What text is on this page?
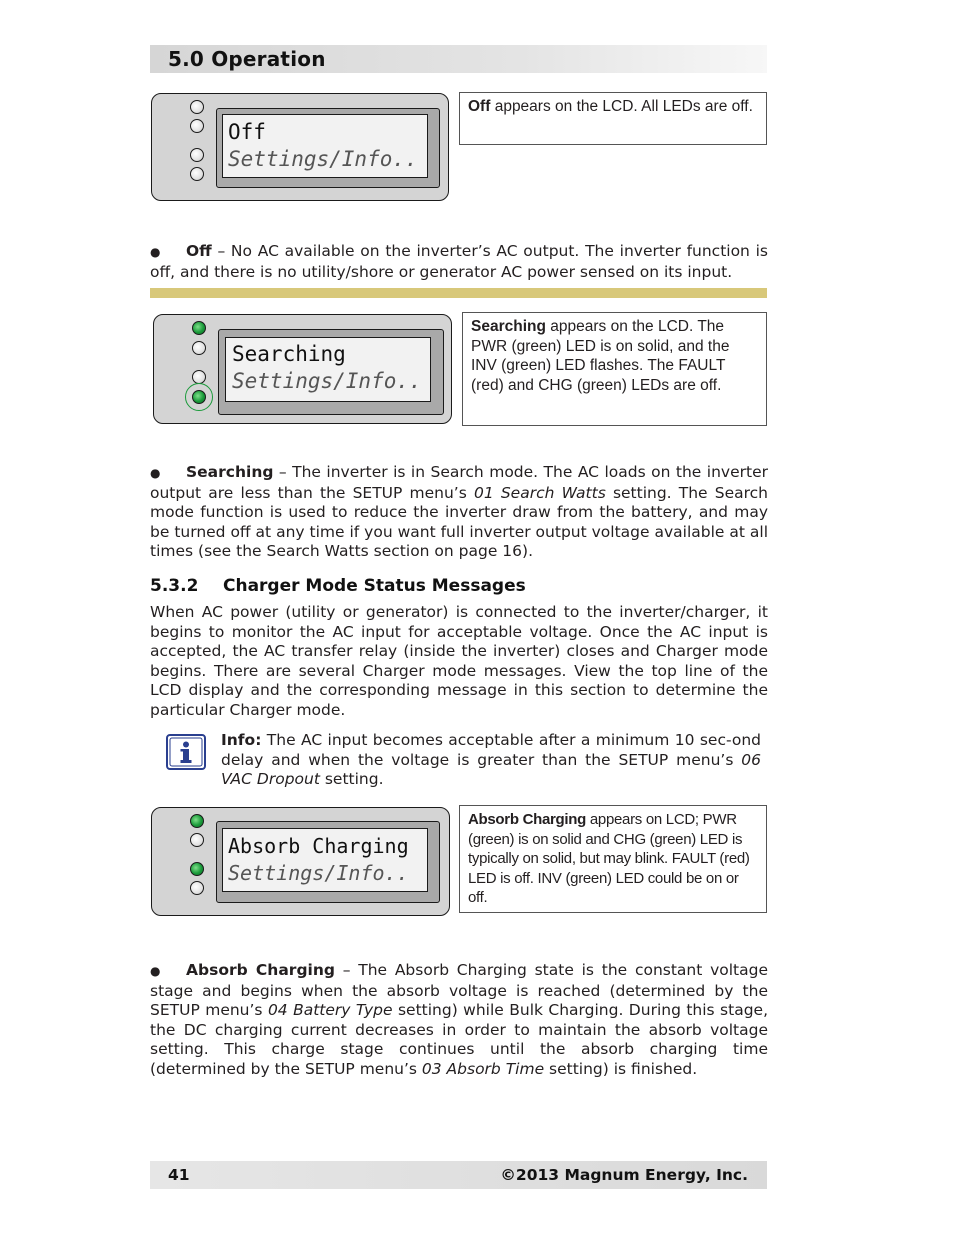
5.0 Operation
Off
Settings/Info..
Off appears on the LCD. All LEDs are off.
● Off – No AC available on the inverter’s AC output. The inverter function is off, and there is no utility/shore or generator AC power sensed on its input.
Searching
Settings/Info..
Searching appears on the LCD. The PWR (green) LED is on solid, and the INV (green) LED flashes. The FAULT (red) and CHG (green) LEDs are off.
● Searching – The inverter is in Search mode. The AC loads on the inverter output are less than the SETUP menu’s 01 Search Watts setting. The Search mode function is used to reduce the inverter draw from the battery, and may be turned off at any time if you want full inverter output voltage available at all times (see the Search Watts section on page 16).
5.3.2 Charger Mode Status Messages
When AC power (utility or generator) is connected to the inverter/charger, it begins to monitor the AC input for acceptable voltage. Once the AC input is accepted, the AC transfer relay (inside the inverter) closes and Charger mode begins. There are several Charger mode messages. View the top line of the LCD display and the corresponding message in this section to determine the particular Charger mode.
Info: The AC input becomes acceptable after a minimum 10 sec-ond delay and when the voltage is greater than the SETUP menu’s 06 VAC Dropout setting.
Absorb Charging
Settings/Info..
Absorb Charging appears on LCD; PWR (green) is on solid and CHG (green) LED is typically on solid, but may blink. FAULT (red) LED is off. INV (green) LED could be on or off.
● Absorb Charging – The Absorb Charging state is the constant voltage stage and begins when the absorb voltage is reached (determined by the SETUP menu’s 04 Battery Type setting) while Bulk Charging. During this stage, the DC charging current decreases in order to maintain the absorb voltage setting. This charge stage continues until the absorb charging time (determined by the SETUP menu’s 03 Absorb Time setting) is finished.
41	©2013 Magnum Energy, Inc.
